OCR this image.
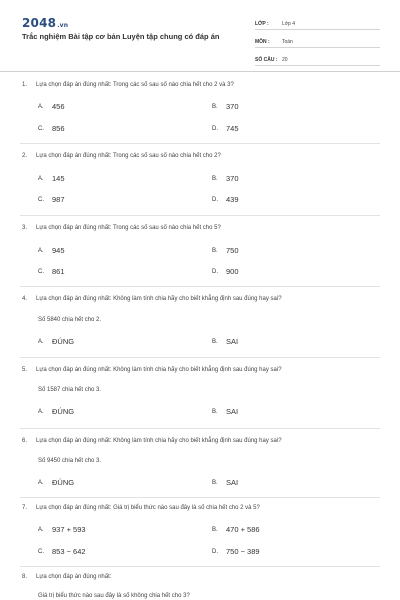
2048.vn
Trắc nghiệm Bài tập cơ bản Luyện tập chung có đáp án
LỚP :	Lớp 4
MÔN :	Toán
SỐ CÂU : 20
1. Lựa chọn đáp án đúng nhất: Trong các số sau số nào chia hết cho 2 và 3?
A.	456	B.	370
C.	856	D.	745
2. Lựa chọn đáp án đúng nhất: Trong các số sau số nào chia hết cho 2?
A.	145	B.	370
C.	987	D.	439
3. Lựa chọn đáp án đúng nhất: Trong các số sau số nào chia hết cho 5?
A.	945	B.	750
C.	861	D.	900
4. Lựa chọn đáp án đúng nhất: Không làm tính chia hãy cho biết khẳng định sau đúng hay sai?
Số 5840 chia hết cho 2.
A.	ĐÚNG	B.	SAI
5. Lựa chọn đáp án đúng nhất: Không làm tính chia hãy cho biết khẳng định sau đúng hay sai?
Số 1587 chia hết cho 3.
A.	ĐÚNG	B.	SAI
6. Lựa chọn đáp án đúng nhất: Không làm tính chia hãy cho biết khẳng định sau đúng hay sai?
Số 9450 chia hết cho 3.
A.	ĐÚNG	B.	SAI
7. Lựa chọn đáp án đúng nhất: Giá trị biểu thức nào sau đây là số chia hết cho 2 và 5?
A.	937 + 593	B.	470 + 586
C.	853 − 642	D.	750 − 389
8. Lựa chọn đáp án đúng nhất:
Giá trị biểu thức nào sau đây là số không chia hết cho 3?
